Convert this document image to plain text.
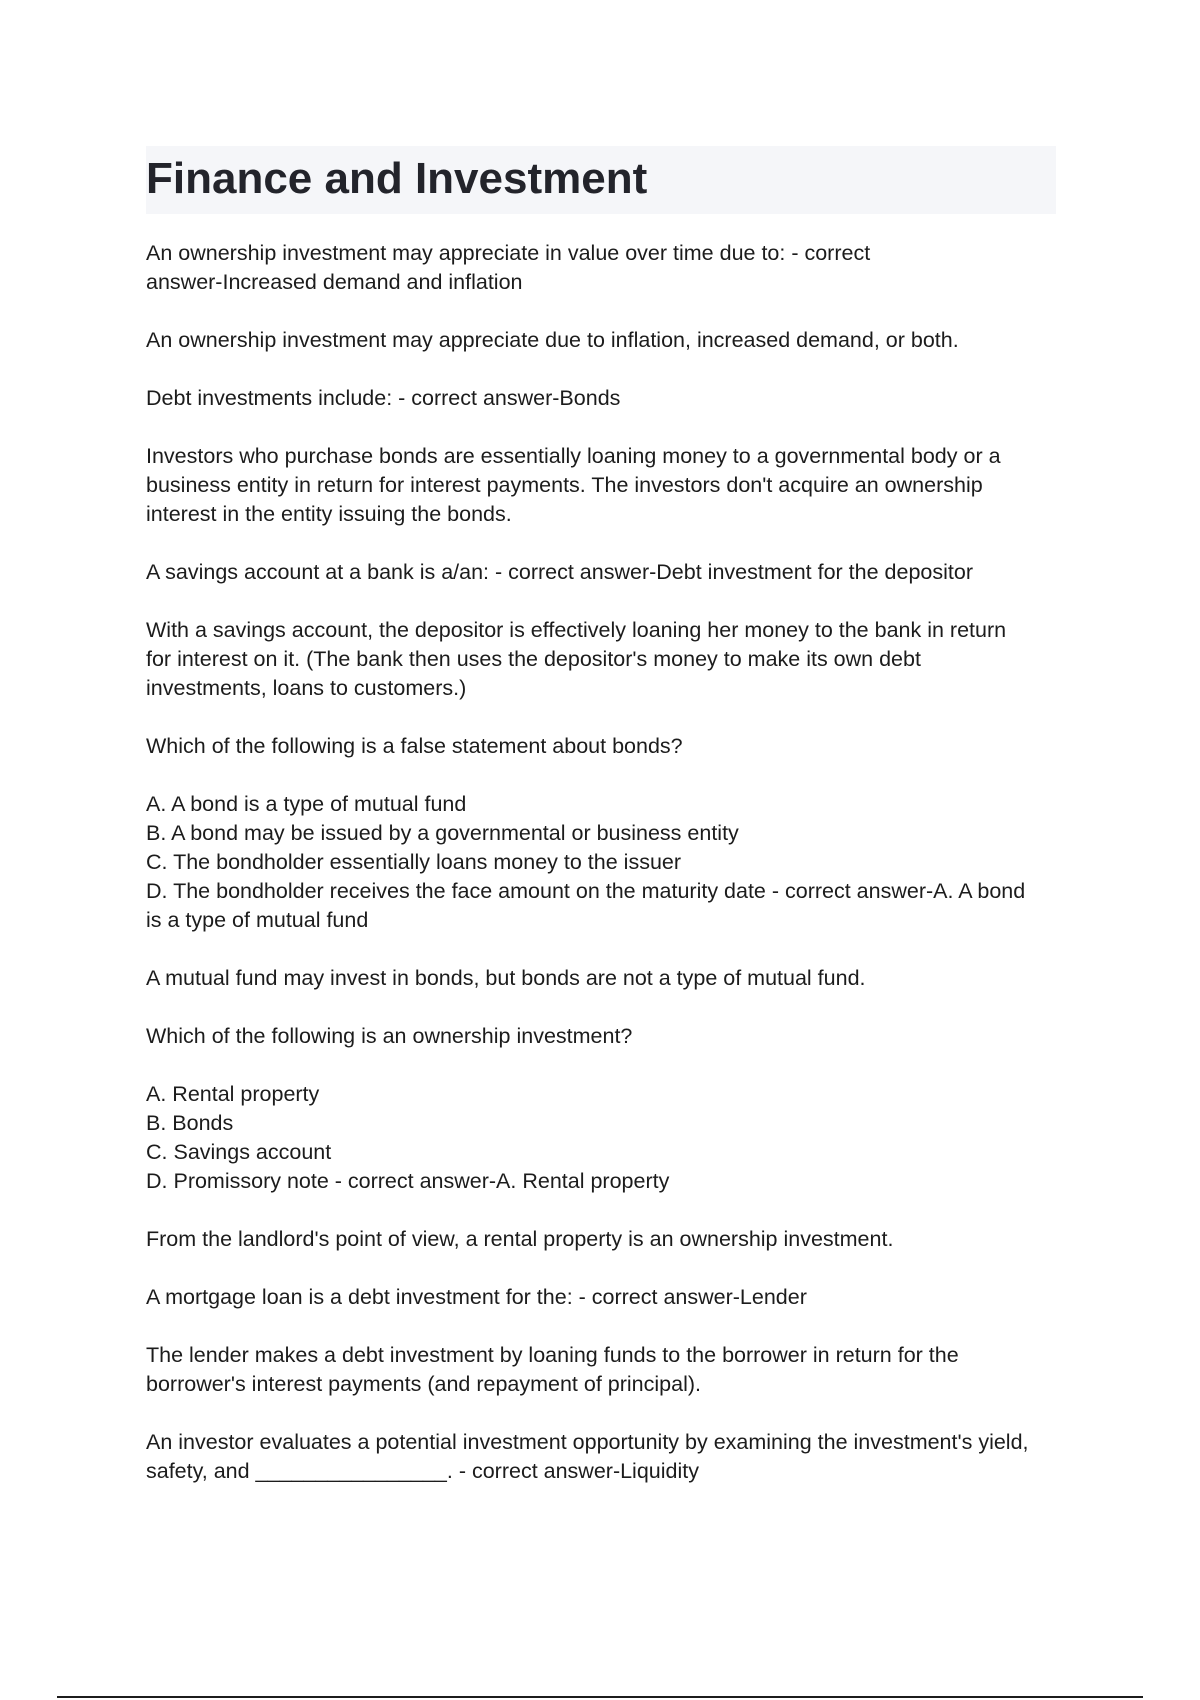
Finance and Investment

An ownership investment may appreciate in value over time due to: - correct
answer-Increased demand and inflation

An ownership investment may appreciate due to inflation, increased demand, or both.

Debt investments include: - correct answer-Bonds

Investors who purchase bonds are essentially loaning money to a governmental body or a
business entity in return for interest payments. The investors don't acquire an ownership
interest in the entity issuing the bonds.

A savings account at a bank is a/an: - correct answer-Debt investment for the depositor

With a savings account, the depositor is effectively loaning her money to the bank in return
for interest on it. (The bank then uses the depositor's money to make its own debt
investments, loans to customers.)

Which of the following is a false statement about bonds?

A. A bond is a type of mutual fund
B. A bond may be issued by a governmental or business entity
C. The bondholder essentially loans money to the issuer
D. The bondholder receives the face amount on the maturity date - correct answer-A. A bond
is a type of mutual fund

A mutual fund may invest in bonds, but bonds are not a type of mutual fund.

Which of the following is an ownership investment?

A. Rental property
B. Bonds
C. Savings account
D. Promissory note - correct answer-A. Rental property

From the landlord's point of view, a rental property is an ownership investment.

A mortgage loan is a debt investment for the: - correct answer-Lender

The lender makes a debt investment by loaning funds to the borrower in return for the
borrower's interest payments (and repayment of principal).

An investor evaluates a potential investment opportunity by examining the investment's yield,
safety, and ________________. - correct answer-Liquidity
